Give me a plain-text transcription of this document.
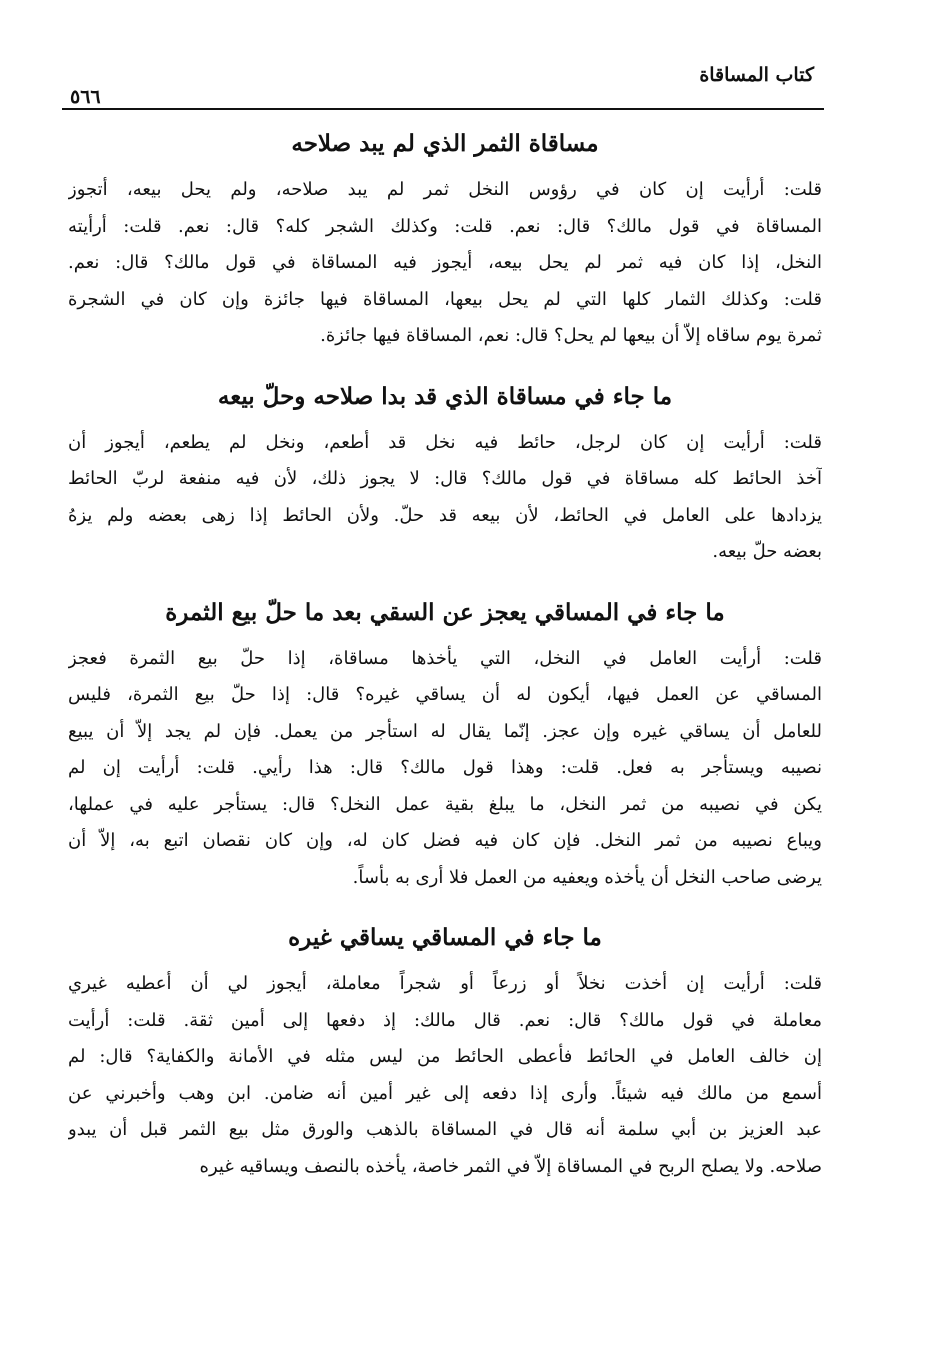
كتاب المساقاة
٥٦٦
مساقاة الثمر الذي لم يبد صلاحه
قلت: أرأيت إن كان في رؤوس النخل ثمر لم يبد صلاحه، ولم يحل بيعه، أتجوز
المساقاة في قول مالك؟ قال: نعم. قلت: وكذلك الشجر كله؟ قال: نعم. قلت: أرأيته
النخل، إذا كان فيه ثمر لم يحل بيعه، أيجوز فيه المساقاة في قول مالك؟ قال: نعم.
قلت: وكذلك الثمار كلها التي لم يحل بيعها، المساقاة فيها جائزة وإن كان في الشجرة
ثمرة يوم ساقاه إلاّ أن بيعها لم يحل؟ قال: نعم، المساقاة فيها جائزة.
ما جاء في مساقاة الذي قد بدا صلاحه وحلّ بيعه
قلت: أرأيت إن كان لرجل، حائط فيه نخل قد أطعم، ونخل لم يطعم، أيجوز أن
آخذ الحائط كله مساقاة في قول مالك؟ قال: لا يجوز ذلك، لأن فيه منفعة لربّ الحائط
يزدادها على العامل في الحائط، لأن بيعه قد حلّ. ولأن الحائط إذا زهى بعضه ولم يزهُ
بعضه حلّ بيعه.
ما جاء في المساقي يعجز عن السقي بعد ما حلّ بيع الثمرة
قلت: أرأيت العامل في النخل، التي يأخذها مساقاة، إذا حلّ بيع الثمرة فعجز
المساقي عن العمل فيها، أيكون له أن يساقي غيره؟ قال: إذا حلّ بيع الثمرة، فليس
للعامل أن يساقي غيره وإن عجز. إنّما يقال له استأجر من يعمل. فإن لم يجد إلاّ أن يبيع
نصيبه ويستأجر به فعل. قلت: وهذا قول مالك؟ قال: هذا رأيي. قلت: أرأيت إن لم
يكن في نصيبه من ثمر النخل، ما يبلغ بقية عمل النخل؟ قال: يستأجر عليه في عملها،
ويباع نصيبه من ثمر النخل. فإن كان فيه فضل كان له، وإن كان نقصان اتبع به، إلاّ أن
يرضى صاحب النخل أن يأخذه ويعفيه من العمل فلا أرى به بأساً.
ما جاء في المساقي يساقي غيره
قلت: أرأيت إن أخذت نخلاً أو زرعاً أو شجراً معاملة، أيجوز لي أن أعطيه غيري
معاملة في قول مالك؟ قال: نعم. قال مالك: إذ دفعها إلى أمين ثقة. قلت: أرأيت
إن خالف العامل في الحائط فأعطى الحائط من ليس مثله في الأمانة والكفاية؟ قال: لم
أسمع من مالك فيه شيئاً. وأرى إذا دفعه إلى غير أمين أنه ضامن. ابن وهب وأخبرني عن
عبد العزيز بن أبي سلمة أنه قال في المساقاة بالذهب والورق مثل بيع الثمر قبل أن يبدو
صلاحه. ولا يصلح الربح في المساقاة إلاّ في الثمر خاصة، يأخذه بالنصف ويساقيه غيره
